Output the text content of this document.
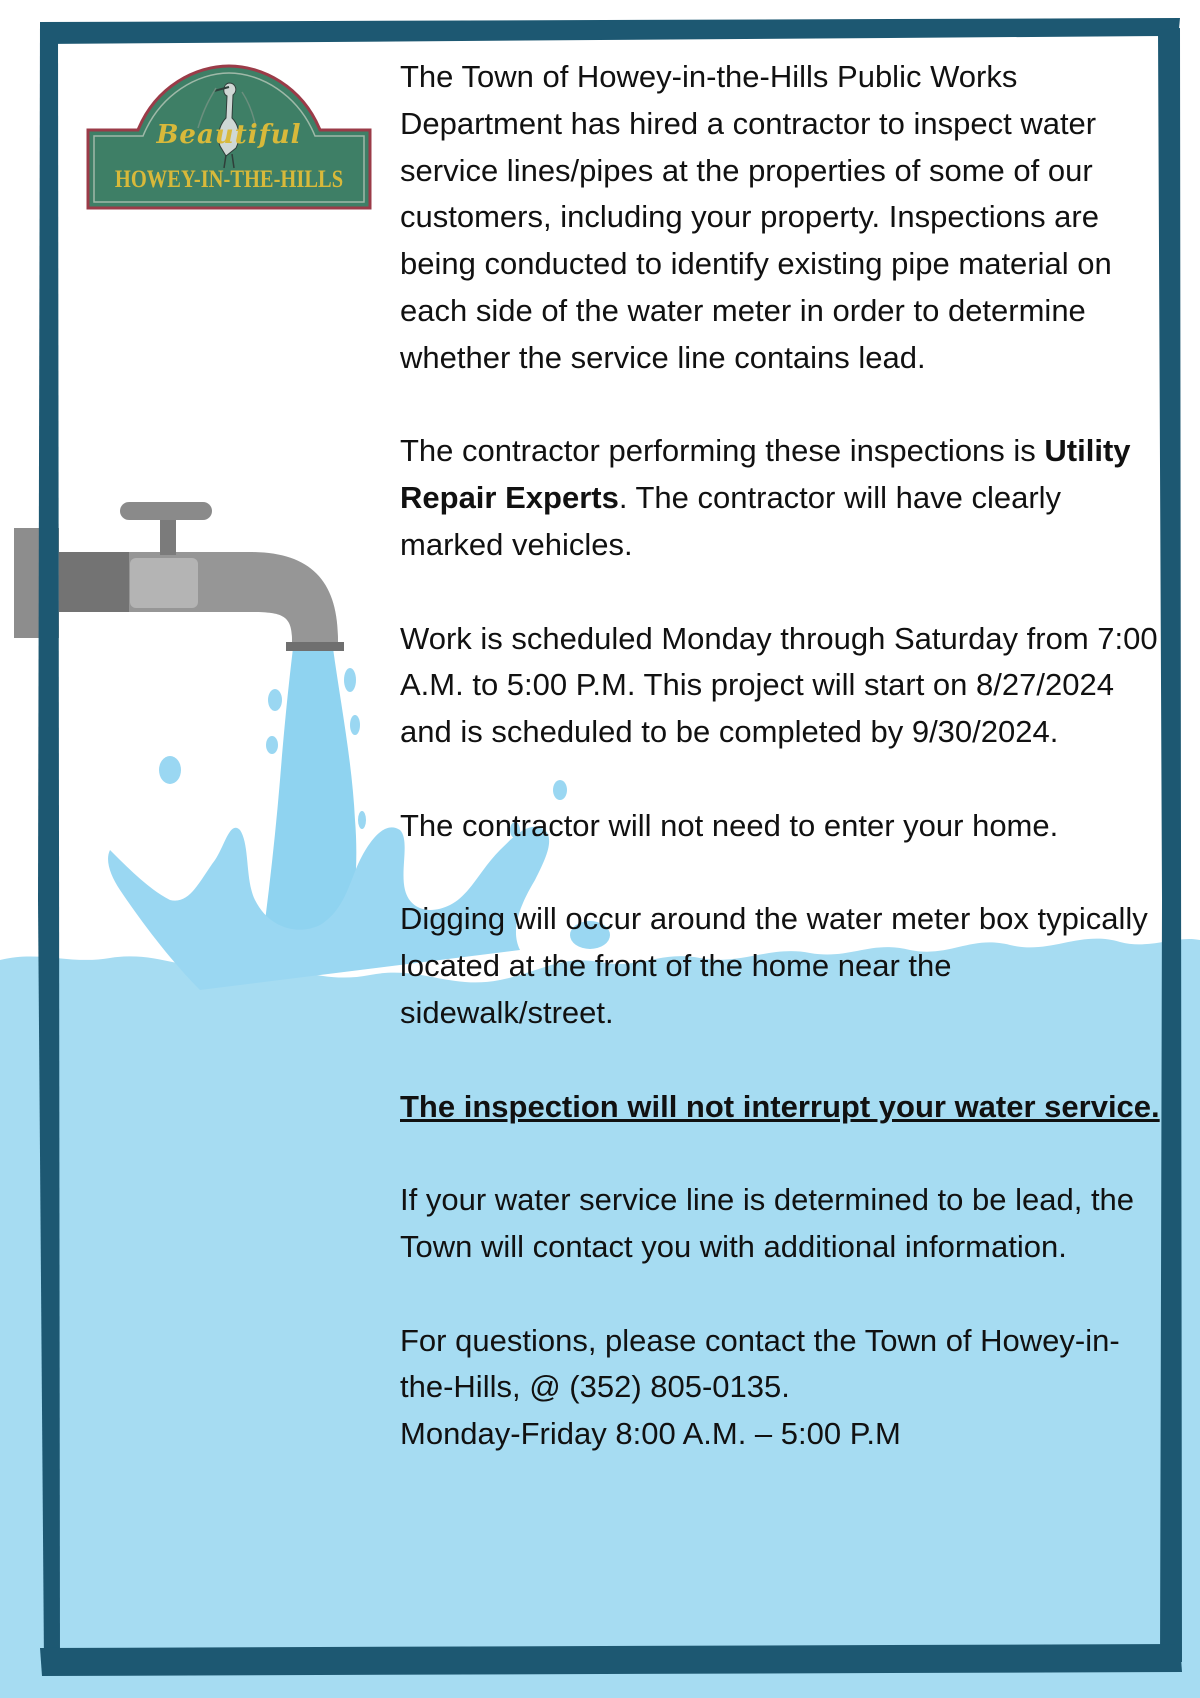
Beautiful
HOWEY-IN-THE-HILLS

The Town of Howey-in-the-Hills Public Works Department has hired a contractor to inspect water service lines/pipes at the properties of some of our customers, including your property. Inspections are being conducted to identify existing pipe material on each side of the water meter in order to determine whether the service line contains lead.

The contractor performing these inspections is Utility Repair Experts. The contractor will have clearly marked vehicles.

Work is scheduled Monday through Saturday from 7:00 A.M. to 5:00 P.M. This project will start on 8/27/2024 and is scheduled to be completed by 9/30/2024.

The contractor will not need to enter your home.

Digging will occur around the water meter box typically located at the front of the home near the sidewalk/street.

The inspection will not interrupt your water service.

If your water service line is determined to be lead, the Town will contact you with additional information.

For questions, please contact the Town of Howey-in-the-Hills, @ (352) 805-0135.
Monday-Friday 8:00 A.M. – 5:00 P.M
